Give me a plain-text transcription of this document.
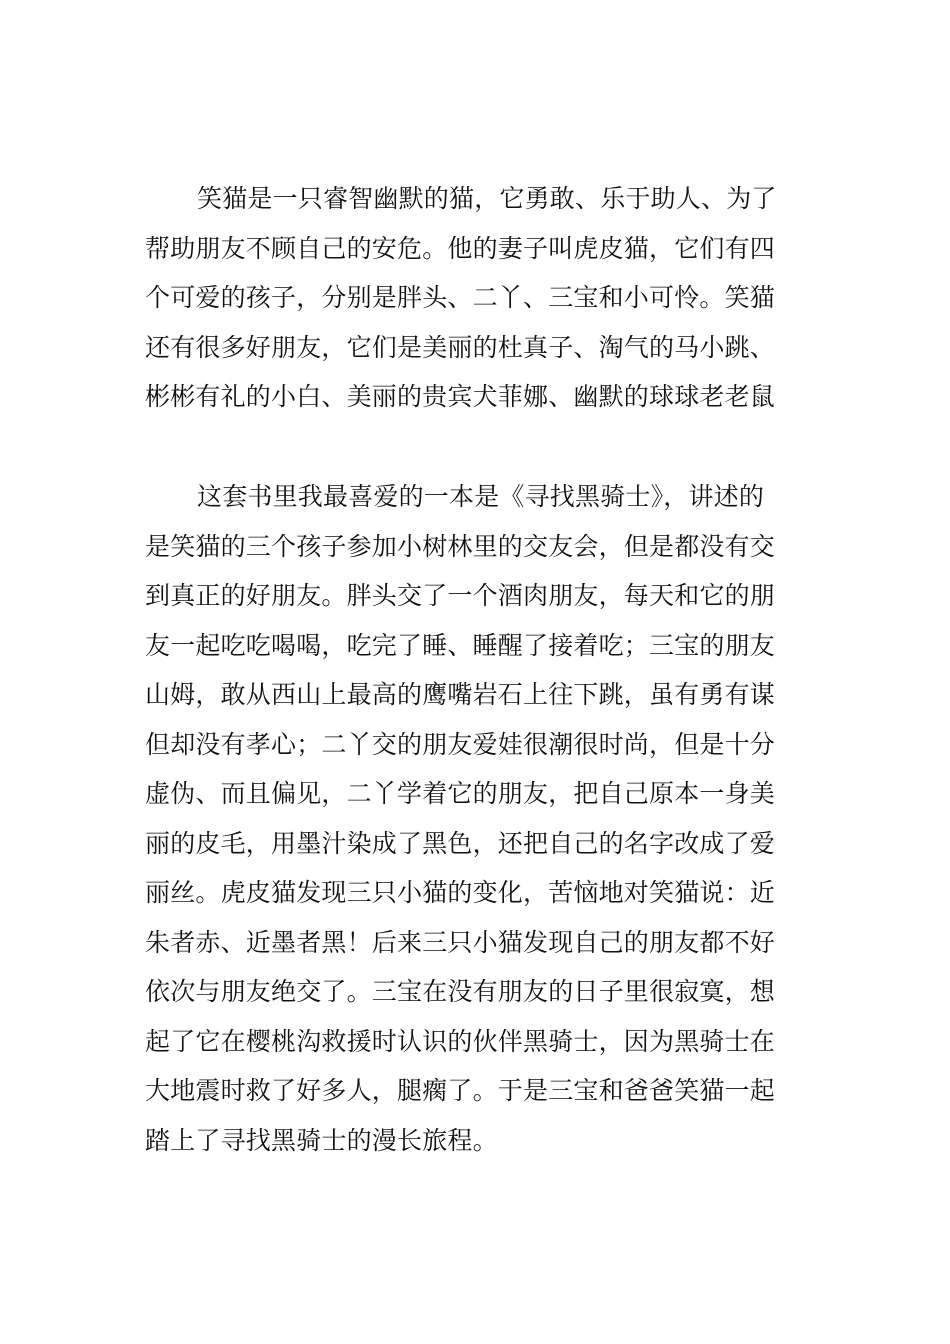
笑猫是一只睿智幽默的猫，它勇敢、乐于助人、为了
帮助朋友不顾自己的安危。他的妻子叫虎皮猫，它们有四
个可爱的孩子，分别是胖头、二丫、三宝和小可怜。笑猫
还有很多好朋友，它们是美丽的杜真子、淘气的马小跳、
彬彬有礼的小白、美丽的贵宾犬菲娜、幽默的球球老老鼠

这套书里我最喜爱的一本是《寻找黑骑士》，讲述的
是笑猫的三个孩子参加小树林里的交友会，但是都没有交
到真正的好朋友。胖头交了一个酒肉朋友，每天和它的朋
友一起吃吃喝喝，吃完了睡、睡醒了接着吃；三宝的朋友
山姆，敢从西山上最高的鹰嘴岩石上往下跳，虽有勇有谋
但却没有孝心；二丫交的朋友爱娃很潮很时尚，但是十分
虚伪、而且偏见，二丫学着它的朋友，把自己原本一身美
丽的皮毛，用墨汁染成了黑色，还把自己的名字改成了爱
丽丝。虎皮猫发现三只小猫的变化，苦恼地对笑猫说：近
朱者赤、近墨者黑！后来三只小猫发现自己的朋友都不好
依次与朋友绝交了。三宝在没有朋友的日子里很寂寞，想
起了它在樱桃沟救援时认识的伙伴黑骑士，因为黑骑士在
大地震时救了好多人，腿瘸了。于是三宝和爸爸笑猫一起
踏上了寻找黑骑士的漫长旅程。
